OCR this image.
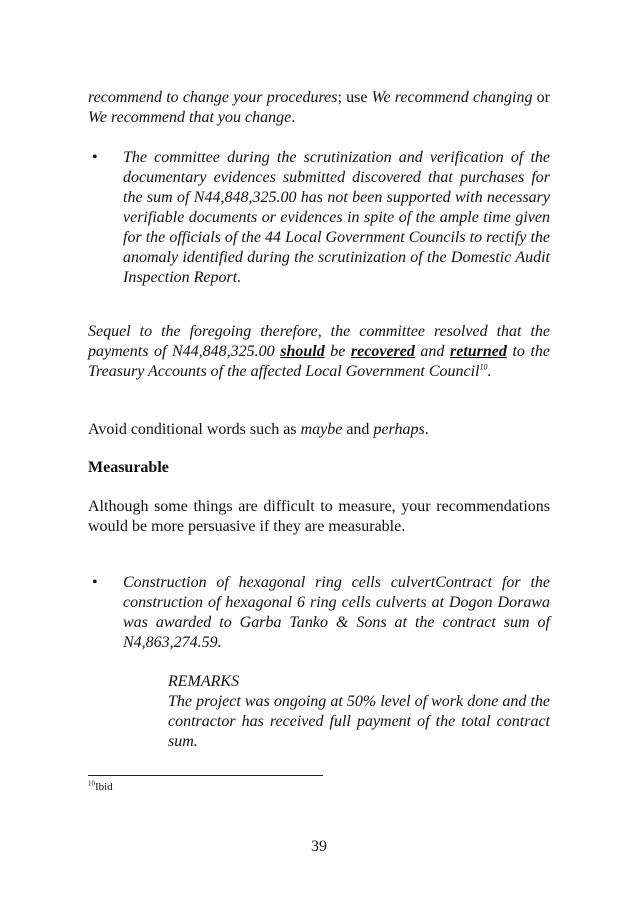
recommend to change your procedures; use We recommend changing or We recommend that you change.

• The committee during the scrutinization and verification of the documentary evidences submitted discovered that purchases for the sum of N44,848,325.00 has not been supported with necessary verifiable documents or evidences in spite of the ample time given for the officials of the 44 Local Government Councils to rectify the anomaly identified during the scrutinization of the Domestic Audit Inspection Report.

Sequel to the foregoing therefore, the committee resolved that the payments of N44,848,325.00 should be recovered and returned to the Treasury Accounts of the affected Local Government Council$^{10}$.

Avoid conditional words such as maybe and perhaps.

Measurable

Although some things are difficult to measure, your recommendations would be more persuasive if they are measurable.

• Construction of hexagonal ring cells culvertContract for the construction of hexagonal 6 ring cells culverts at Dogon Dorawa was awarded to Garba Tanko & Sons at the contract sum of N4,863,274.59.

REMARKS

The project was ongoing at 50% level of work done and the contractor has received full payment of the total contract sum.

$^{10}$Ibid
39
